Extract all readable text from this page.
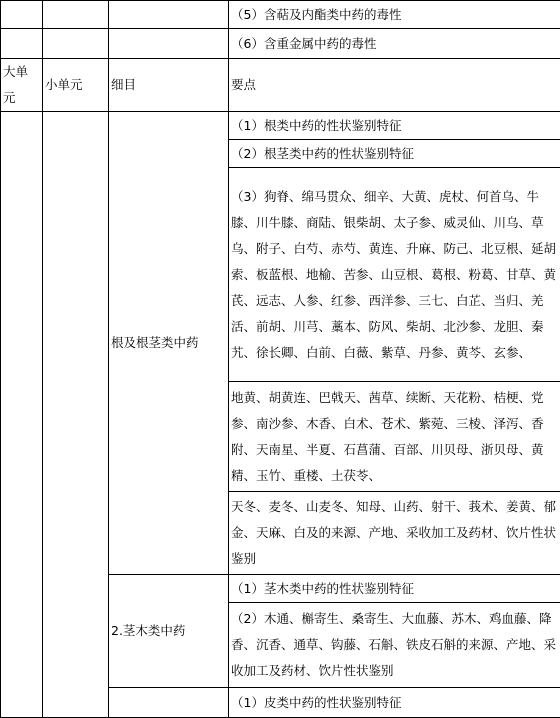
			（5）含萜及内酯类中药的毒性
			（6）含重金属中药的毒性
大单元	小单元	细目	要点
		根及根茎类中药	（1）根类中药的性状鉴别特征
			（2）根茎类中药的性状鉴别特征
			（3）狗脊、绵马贯众、细辛、大黄、虎杖、何首乌、牛膝、川牛膝、商陆、银柴胡、太子参、威灵仙、川乌、草乌、附子、白芍、赤芍、黄连、升麻、防己、北豆根、延胡索、板蓝根、地榆、苦参、山豆根、葛根、粉葛、甘草、黄芪、远志、人参、红参、西洋参、三七、白芷、当归、羌活、前胡、川芎、藁本、防风、柴胡、北沙参、龙胆、秦艽、徐长卿、白前、白薇、紫草、丹参、黄芩、玄参、
			地黄、胡黄连、巴戟天、茜草、续断、天花粉、桔梗、党参、南沙参、木香、白术、苍术、紫菀、三棱、泽泻、香附、天南星、半夏、石菖蒲、百部、川贝母、浙贝母、黄精、玉竹、重楼、土茯苓、
			天冬、麦冬、山麦冬、知母、山药、射干、莪术、姜黄、郁金、天麻、白及的来源、产地、采收加工及药材、饮片性状鉴别
		2.茎木类中药	（1）茎木类中药的性状鉴别特征
			（2）木通、槲寄生、桑寄生、大血藤、苏木、鸡血藤、降香、沉香、通草、钩藤、石斛、铁皮石斛的来源、产地、采收加工及药材、饮片性状鉴别
			（1）皮类中药的性状鉴别特征
